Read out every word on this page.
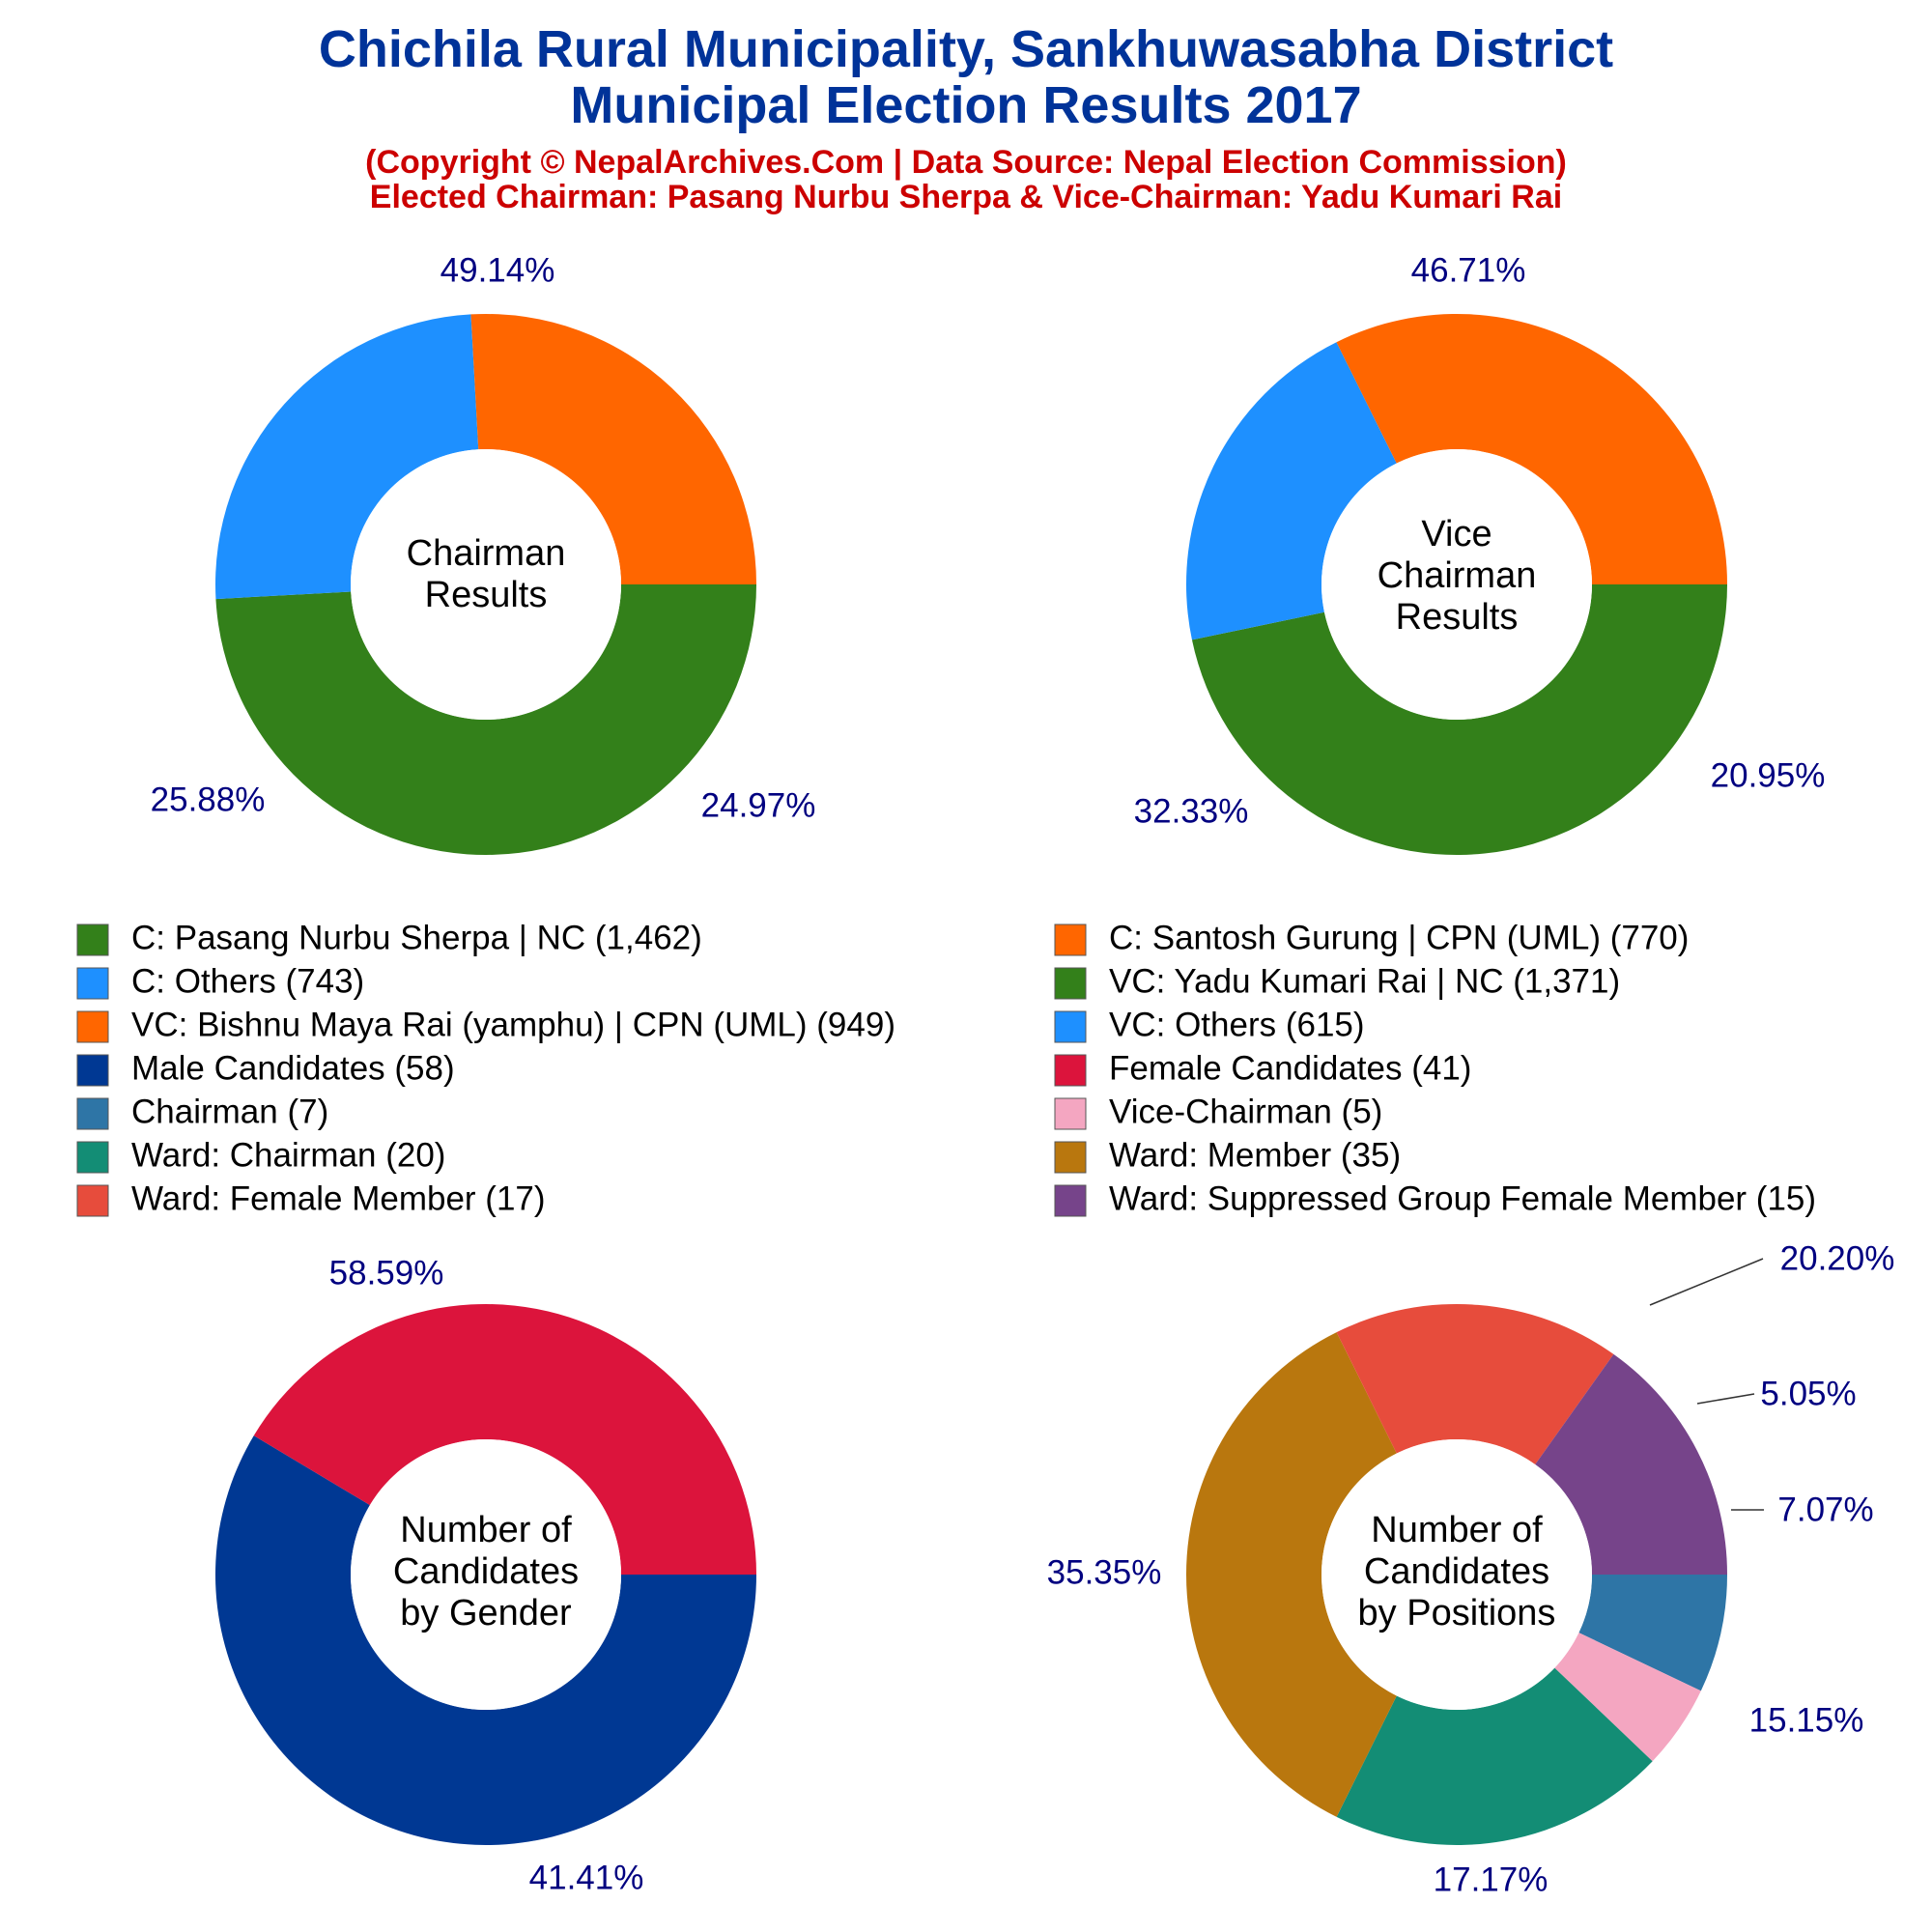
Chichila Rural Municipality, Sankhuwasabha District
Municipal Election Results 2017
(Copyright © NepalArchives.Com | Data Source: Nepal Election Commission)
Elected Chairman: Pasang Nurbu Sherpa & Vice-Chairman: Yadu Kumari Rai
49.14%
24.97%
25.88%
Chairman
Results
46.71%
20.95%
32.33%
Vice
Chairman
Results
58.59%
41.41%
Number of
Candidates
by Gender
7.07%
5.05%
20.20%
35.35%
17.17%
15.15%
Number of
Candidates
by Positions
C: Pasang Nurbu Sherpa | NC (1,462)	C: Santosh Gurung | CPN (UML) (770)
C: Others (743)	VC: Yadu Kumari Rai | NC (1,371)
VC: Bishnu Maya Rai (yamphu) | CPN (UML) (949)	VC: Others (615)
Male Candidates (58)	Female Candidates (41)
Chairman (7)	Vice-Chairman (5)
Ward: Chairman (20)	Ward: Member (35)
Ward: Female Member (17)	Ward: Suppressed Group Female Member (15)
